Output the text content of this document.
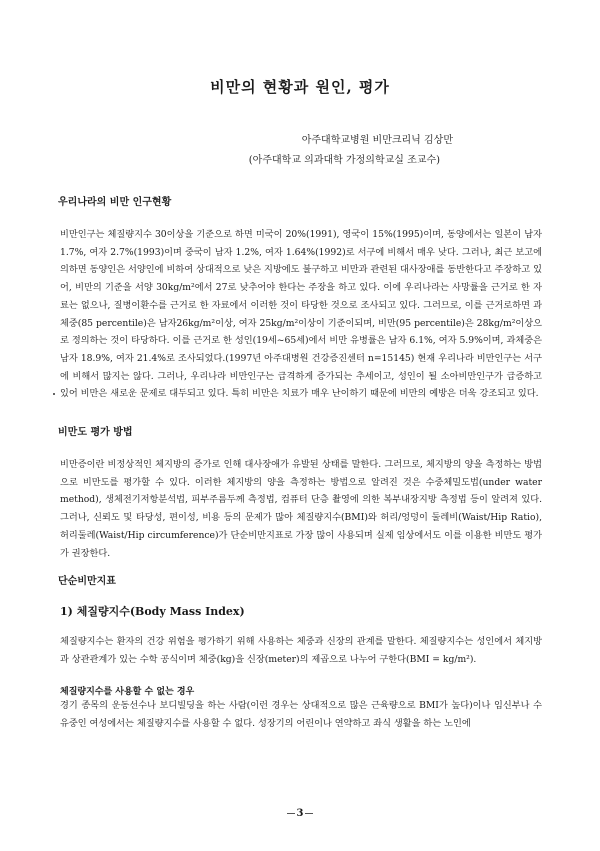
비만의 현황과 원인, 평가
아주대학교병원 비만크리닉 김상만
(아주대학교 의과대학 가정의학교실 조교수)
우리나라의 비만 인구현황

비만인구는 체질량지수 30이상을 기준으로 하면 미국이 20%(1991), 영국이 15%(1995)이며, 동양에서는 일본이 남자 1.7%, 여자 2.7%(1993)이며 중국이 남자 1.2%, 여자 1.64%(1992)로 서구에 비해서 매우 낮다. 그러나, 최근 보고에 의하면 동양인은 서양인에 비하여 상대적으로 낮은 지방에도 불구하고 비만과 관련된 대사장애를 동반한다고 주장하고 있어, 비만의 기준을 서양 30kg/m²에서 27로 낮추어야 한다는 주장을 하고 있다. 이에 우리나라는 사망률을 근거로 한 자료는 없으나, 질병이환수를 근거로 한 자료에서 이러한 것이 타당한 것으로 조사되고 있다. 그러므로, 이를 근거로하면 과체중(85 percentile)은 남자26kg/m²이상, 여자 25kg/m²이상이 기준이되며, 비만(95 percentile)은 28kg/m²이상으로 정의하는 것이 타당하다. 이를 근거로 한 성인(19세~65세)에서 비만 유병률은 남자 6.1%, 여자 5.9%이며, 과체중은 남자 18.9%, 여자 21.4%로 조사되었다.(1997년 아주대병원 건강증진센터 n=15145) 현재 우리나라 비만인구는 서구에 비해서 많지는 않다. 그러나, 우리나라 비만인구는 급격하게 증가되는 추세이고, 성인이 될 소아비만인구가 급증하고 있어 비만은 새로운 문제로 대두되고 있다. 특히 비만은 치료가 매우 난이하기 때문에 비만의 예방은 더욱 강조되고 있다.

비만도 평가 방법

비만증이란 비정상적인 체지방의 증가로 인해 대사장애가 유발된 상태를 말한다. 그러므로, 체지방의 양을 측정하는 방법으로 비만도를 평가할 수 있다. 이러한 체지방의 양을 측정하는 방법으로 알려진 것은 수중체밀도법(under water method), 생체전기저항분석법, 피부주름두께 측정법, 컴퓨터 단층 촬영에 의한 복부내장지방 측정법 등이 알려져 있다. 그러나, 신뢰도 및 타당성, 편이성, 비용 등의 문제가 많아 체질량지수(BMI)와 허리/엉덩이 둘레비(Waist/Hip Ratio), 허리둘레(Waist/Hip circumference)가 단순비만지표로 가장 많이 사용되며 실제 임상에서도 이를 이용한 비만도 평가가 권장한다.

단순비만지표
1) 체질량지수(Body Mass Index)

체질량지수는 환자의 건강 위험을 평가하기 위해 사용하는 체중과 신장의 관계를 말한다. 체질량지수는 성인에서 체지방과 상관관계가 있는 수학 공식이며 체중(kg)을 신장(meter)의 제곱으로 나누어 구한다(BMI = kg/m²).

체질량지수를 사용할 수 없는 경우

경기 종목의 운동선수나 보디빌딩을 하는 사람(이런 경우는 상대적으로 많은 근육량으로 BMI가 높다)이나 임신부나 수유중인 여성에서는 체질량지수를 사용할 수 없다. 성장기의 어린이나 연약하고 좌식 생활을 하는 노인에

3
